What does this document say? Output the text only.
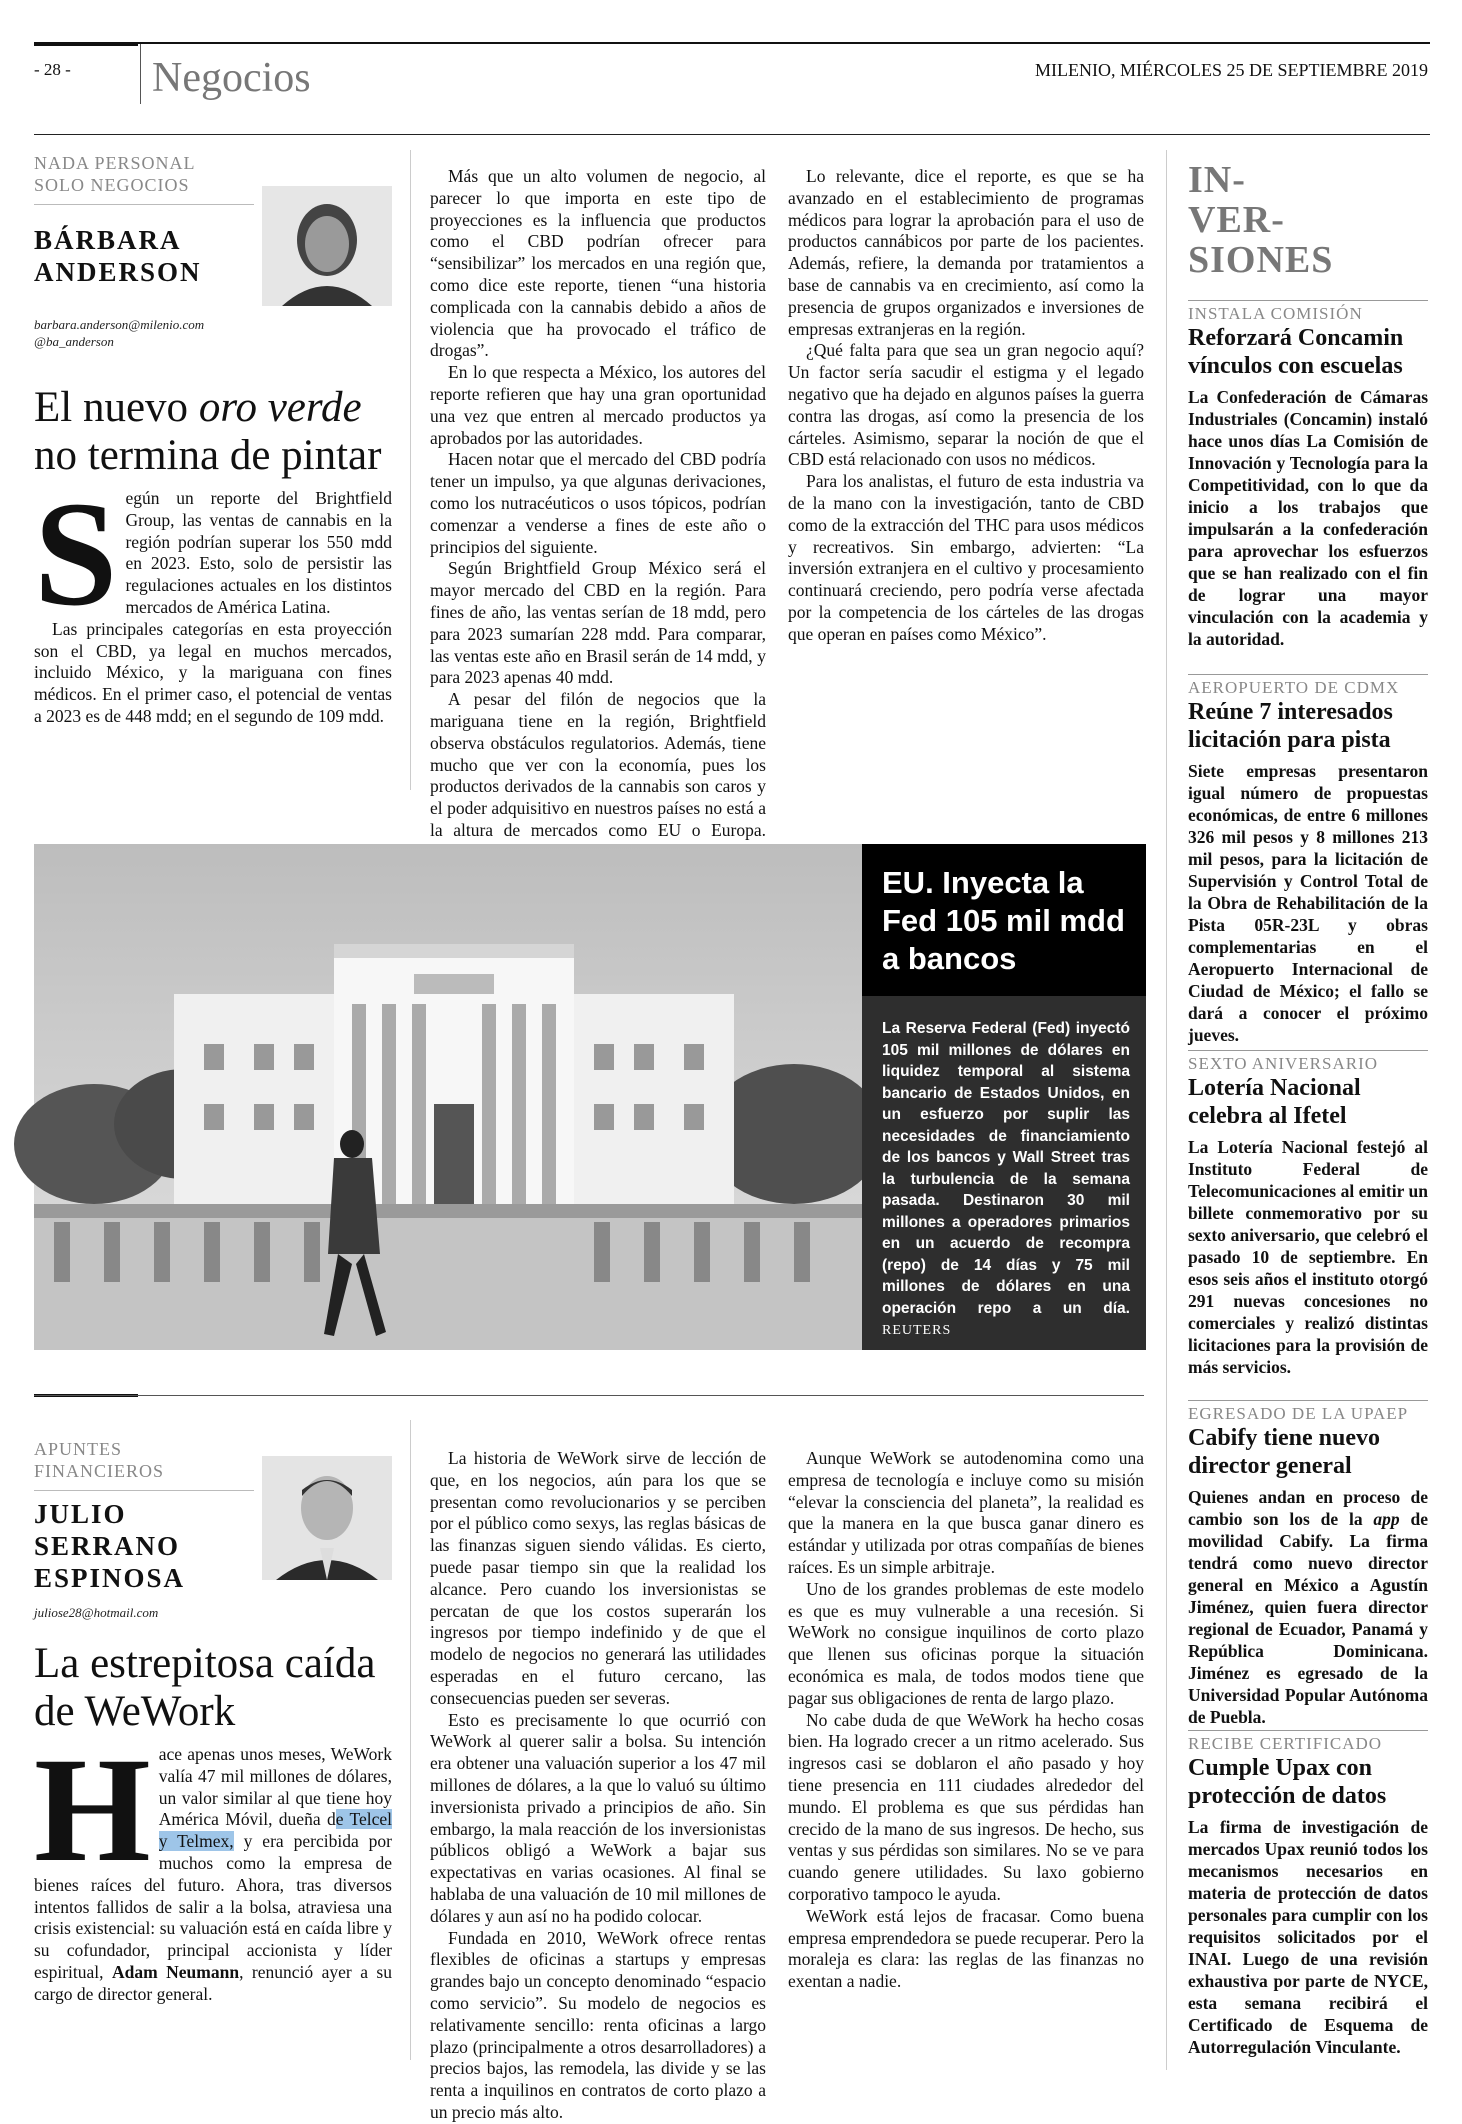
- 28 - Negocios	MILENIO, MIÉRCOLES 25 DE SEPTIEMBRE 2019
NADA PERSONAL SOLO NEGOCIOS
BÁRBARA
ANDERSON
barbara.anderson@milenio.com
@ba_anderson
El nuevo oro verde
no termina de pintar

Según un reporte del Brightfield Group, las ventas de cannabis en la región podrían superar los 550 mdd en 2023. Esto, solo de persistir las regulaciones actuales en los distintos mercados de América Latina.

Las principales categorías en esta proyección son el CBD, ya legal en muchos mercados, incluido México, y la mariguana con fines médicos. En el primer caso, el potencial de ventas a 2023 es de 448 mdd; en el segundo de 109 mdd.

Más que un alto volumen de negocio, al parecer lo que importa en este tipo de proyecciones es la influencia que productos como el CBD podrían ofrecer para “sensibilizar” los mercados en una región que, como dice este reporte, tienen “una historia complicada con la cannabis debido a años de violencia que ha provocado el tráfico de drogas”.

En lo que respecta a México, los autores del reporte refieren que hay una gran oportunidad una vez que entren al mercado productos ya aprobados por las autoridades.

Hacen notar que el mercado del CBD podría tener un impulso, ya que algunas derivaciones, como los nutracéuticos o usos tópicos, podrían comenzar a venderse a fines de este año o principios del siguiente.

Según Brightfield Group México será el mayor mercado del CBD en la región. Para fines de año, las ventas serían de 18 mdd, pero para 2023 sumarían 228 mdd. Para comparar, las ventas este año en Brasil serán de 14 mdd, y para 2023 apenas 40 mdd.

A pesar del filón de negocios que la mariguana tiene en la región, Brightfield observa obstáculos regulatorios. Además, tiene mucho que ver con la economía, pues los productos derivados de la cannabis son caros y el poder adquisitivo en nuestros países no está a la altura de mercados como EU o Europa.

Lo relevante, dice el reporte, es que se ha avanzado en el establecimiento de programas médicos para lograr la aprobación para el uso de productos cannábicos por parte de los pacientes. Además, refiere, la demanda por tratamientos a base de cannabis va en crecimiento, así como la presencia de grupos organizados e inversiones de empresas extranjeras en la región.

¿Qué falta para que sea un gran negocio aquí? Un factor sería sacudir el estigma y el legado negativo que ha dejado en algunos países la guerra contra las drogas, así como la presencia de los cárteles. Asimismo, separar la noción de que el CBD está relacionado con usos no médicos.

Para los analistas, el futuro de esta industria va de la mano con la investigación, tanto de CBD como de la extracción del THC para usos médicos y recreativos. Sin embargo, advierten: “La inversión extranjera en el cultivo y procesamiento continuará creciendo, pero podría verse afectada por la competencia de los cárteles de las drogas que operan en países como México”.

EU. Inyecta la Fed 105 mil mdd a bancos
La Reserva Federal (Fed) inyectó 105 mil millones de dólares en liquidez temporal al sistema bancario de Estados Unidos, en un esfuerzo por suplir las necesidades de financiamiento de los bancos y Wall Street tras la turbulencia de la semana pasada. Destinaron 30 mil millones a operadores primarios en un acuerdo de recompra (repo) de 14 días y 75 mil millones de dólares en una operación repo a un día. REUTERS
APUNTES FINANCIEROS
JULIO
SERRANO
ESPINOSA
juliose28@hotmail.com
La estrepitosa caída de WeWork

Hace apenas unos meses, WeWork valía 47 mil millones de dólares, un valor similar al que tiene hoy América Móvil, dueña de Telcel y Telmex, y era percibida por muchos como la empresa de bienes raíces del futuro. Ahora, tras diversos intentos fallidos de salir a la bolsa, atraviesa una crisis existencial: su valuación está en caída libre y su cofundador, principal accionista y líder espiritual, Adam Neumann, renunció ayer a su cargo de director general.

La historia de WeWork sirve de lección de que, en los negocios, aún para los que se presentan como revolucionarios y se perciben por el público como sexys, las reglas básicas de las finanzas siguen siendo válidas. Es cierto, puede pasar tiempo sin que la realidad los alcance. Pero cuando los inversionistas se percatan de que los costos superarán los ingresos por tiempo indefinido y de que el modelo de negocios no generará las utilidades esperadas en el futuro cercano, las consecuencias pueden ser severas.

Esto es precisamente lo que ocurrió con WeWork al querer salir a bolsa. Su intención era obtener una valuación superior a los 47 mil millones de dólares, a la que lo valuó su último inversionista privado a principios de año. Sin embargo, la mala reacción de los inversionistas públicos obligó a WeWork a bajar sus expectativas en varias ocasiones. Al final se hablaba de una valuación de 10 mil millones de dólares y aun así no ha podido colocar.

Fundada en 2010, WeWork ofrece rentas flexibles de oficinas a startups y empresas grandes bajo un concepto denominado “espacio como servicio”. Su modelo de negocios es relativamente sencillo: renta oficinas a largo plazo (principalmente a otros desarrolladores) a precios bajos, las remodela, las divide y se las renta a inquilinos en contratos de corto plazo a un precio más alto.

Aunque WeWork se autodenomina como una empresa de tecnología e incluye como su misión “elevar la consciencia del planeta”, la realidad es que la manera en la que busca ganar dinero es estándar y utilizada por otras compañías de bienes raíces. Es un simple arbitraje.

Uno de los grandes problemas de este modelo es que es muy vulnerable a una recesión. Si WeWork no consigue inquilinos de corto plazo que llenen sus oficinas porque la situación económica es mala, de todos modos tiene que pagar sus obligaciones de renta de largo plazo.

No cabe duda de que WeWork ha hecho cosas bien. Ha logrado crecer a un ritmo acelerado. Sus ingresos casi se doblaron el año pasado y hoy tiene presencia en 111 ciudades alrededor del mundo. El problema es que sus pérdidas han crecido de la mano de sus ingresos. De hecho, sus ventas y sus pérdidas son similares. No se ve para cuando genere utilidades. Su laxo gobierno corporativo tampoco le ayuda.

WeWork está lejos de fracasar. Como buena empresa emprendedora se puede recuperar. Pero la moraleja es clara: las reglas de las finanzas no exentan a nadie.

IN-
VER-
SIONES
INSTALA COMISIÓN
Reforzará Concamin vínculos con escuelas
La Confederación de Cámaras Industriales (Concamin) instaló hace unos días La Comisión de Innovación y Tecnología para la Competitividad, con lo que da inicio a los trabajos que impulsarán a la confederación para aprovechar los esfuerzos que se han realizado con el fin de lograr una mayor vinculación con la academia y la autoridad.
AEROPUERTO DE CDMX
Reúne 7 interesados licitación para pista
Siete empresas presentaron igual número de propuestas económicas, de entre 6 millones 326 mil pesos y 8 millones 213 mil pesos, para la licitación de Supervisión y Control Total de la Obra de Rehabilitación de la Pista 05R-23L y obras complementarias en el Aeropuerto Internacional de Ciudad de México; el fallo se dará a conocer el próximo jueves.
SEXTO ANIVERSARIO
Lotería Nacional celebra al Ifetel
La Lotería Nacional festejó al Instituto Federal de Telecomunicaciones al emitir un billete conmemorativo por su sexto aniversario, que celebró el pasado 10 de septiembre. En esos seis años el instituto otorgó 291 nuevas concesiones no comerciales y realizó distintas licitaciones para la provisión de más servicios.
EGRESADO DE LA UPAEP
Cabify tiene nuevo director general
Quienes andan en proceso de cambio son los de la app de movilidad Cabify. La firma tendrá como nuevo director general en México a Agustín Jiménez, quien fuera director regional de Ecuador, Panamá y República Dominicana. Jiménez es egresado de la Universidad Popular Autónoma de Puebla.
RECIBE CERTIFICADO
Cumple Upax con protección de datos
La firma de investigación de mercados Upax reunió todos los mecanismos necesarios en materia de protección de datos personales para cumplir con los requisitos solicitados por el INAI. Luego de una revisión exhaustiva por parte de NYCE, esta semana recibirá el Certificado de Esquema de Autorregulación Vinculante.
